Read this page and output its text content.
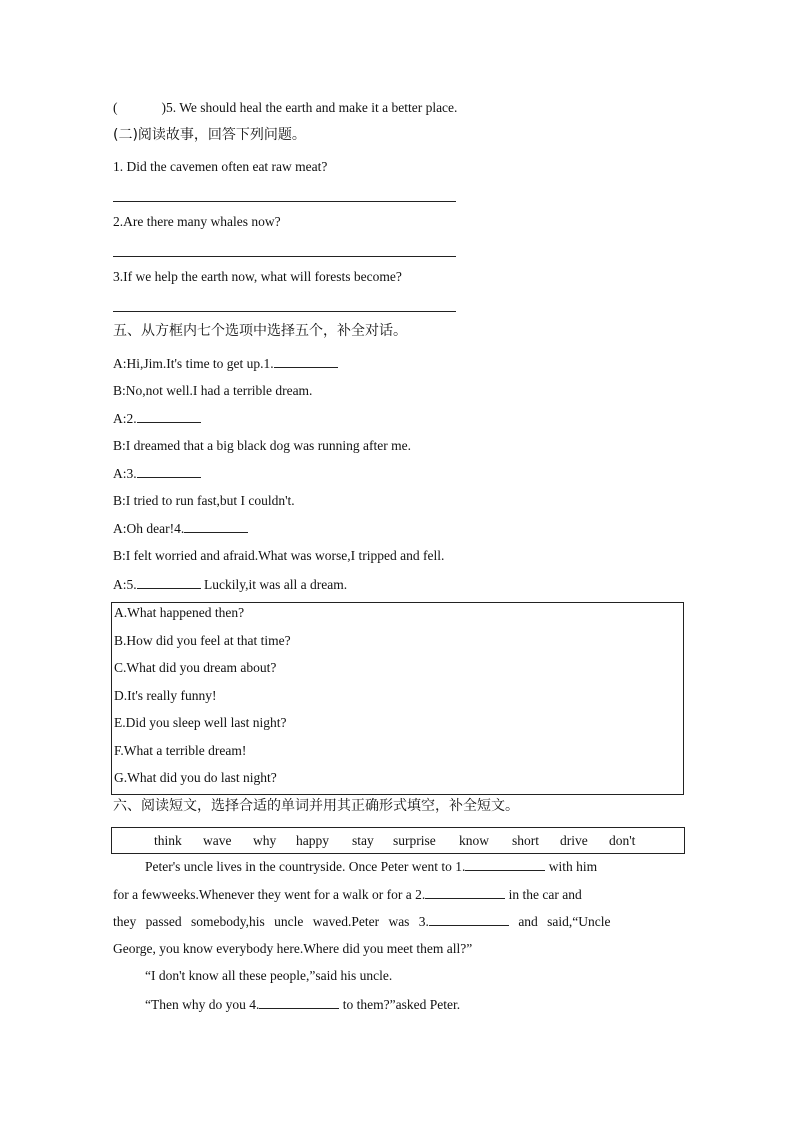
(	)5. We should heal the earth and make it a better place.
(二)阅读故事，回答下列问题。
1. Did the cavemen often eat raw meat?
2.Are there many whales now?
3.If we help the earth now, what will forests become?
五、从方框内七个选项中选择五个，补全对话。
A:Hi,Jim.It's time to get up.1.
B:No,not well.I had a terrible dream.
A:2.
B:I dreamed that a big black dog was running after me.
A:3.
B:I tried to run fast,but I couldn't.
A:Oh dear!4.
B:I felt worried and afraid.What was worse,I tripped and fell.
A:5.	Luckily,it was all a dream.
A.What happened then?
B.How did you feel at that time?
C.What did you dream about?
D.It's really funny!
E.Did you sleep well last night?
F.What a terrible dream!
G.What did you do last night?
六、阅读短文，选择合适的单词并用其正确形式填空，补全短文。
think wave why happy stay surprise know short drive don't
Peter's uncle lives in the countryside. Once Peter went to 1.	with him
for a fewweeks.Whenever they went for a walk or for a 2.	in the car and
they passed somebody,his uncle waved.Peter was 3.	and said,“Uncle
George, you know everybody here.Where did you meet them all?”
“I don't know all these people,”said his uncle.
“Then why do you 4.	to them?”asked Peter.
